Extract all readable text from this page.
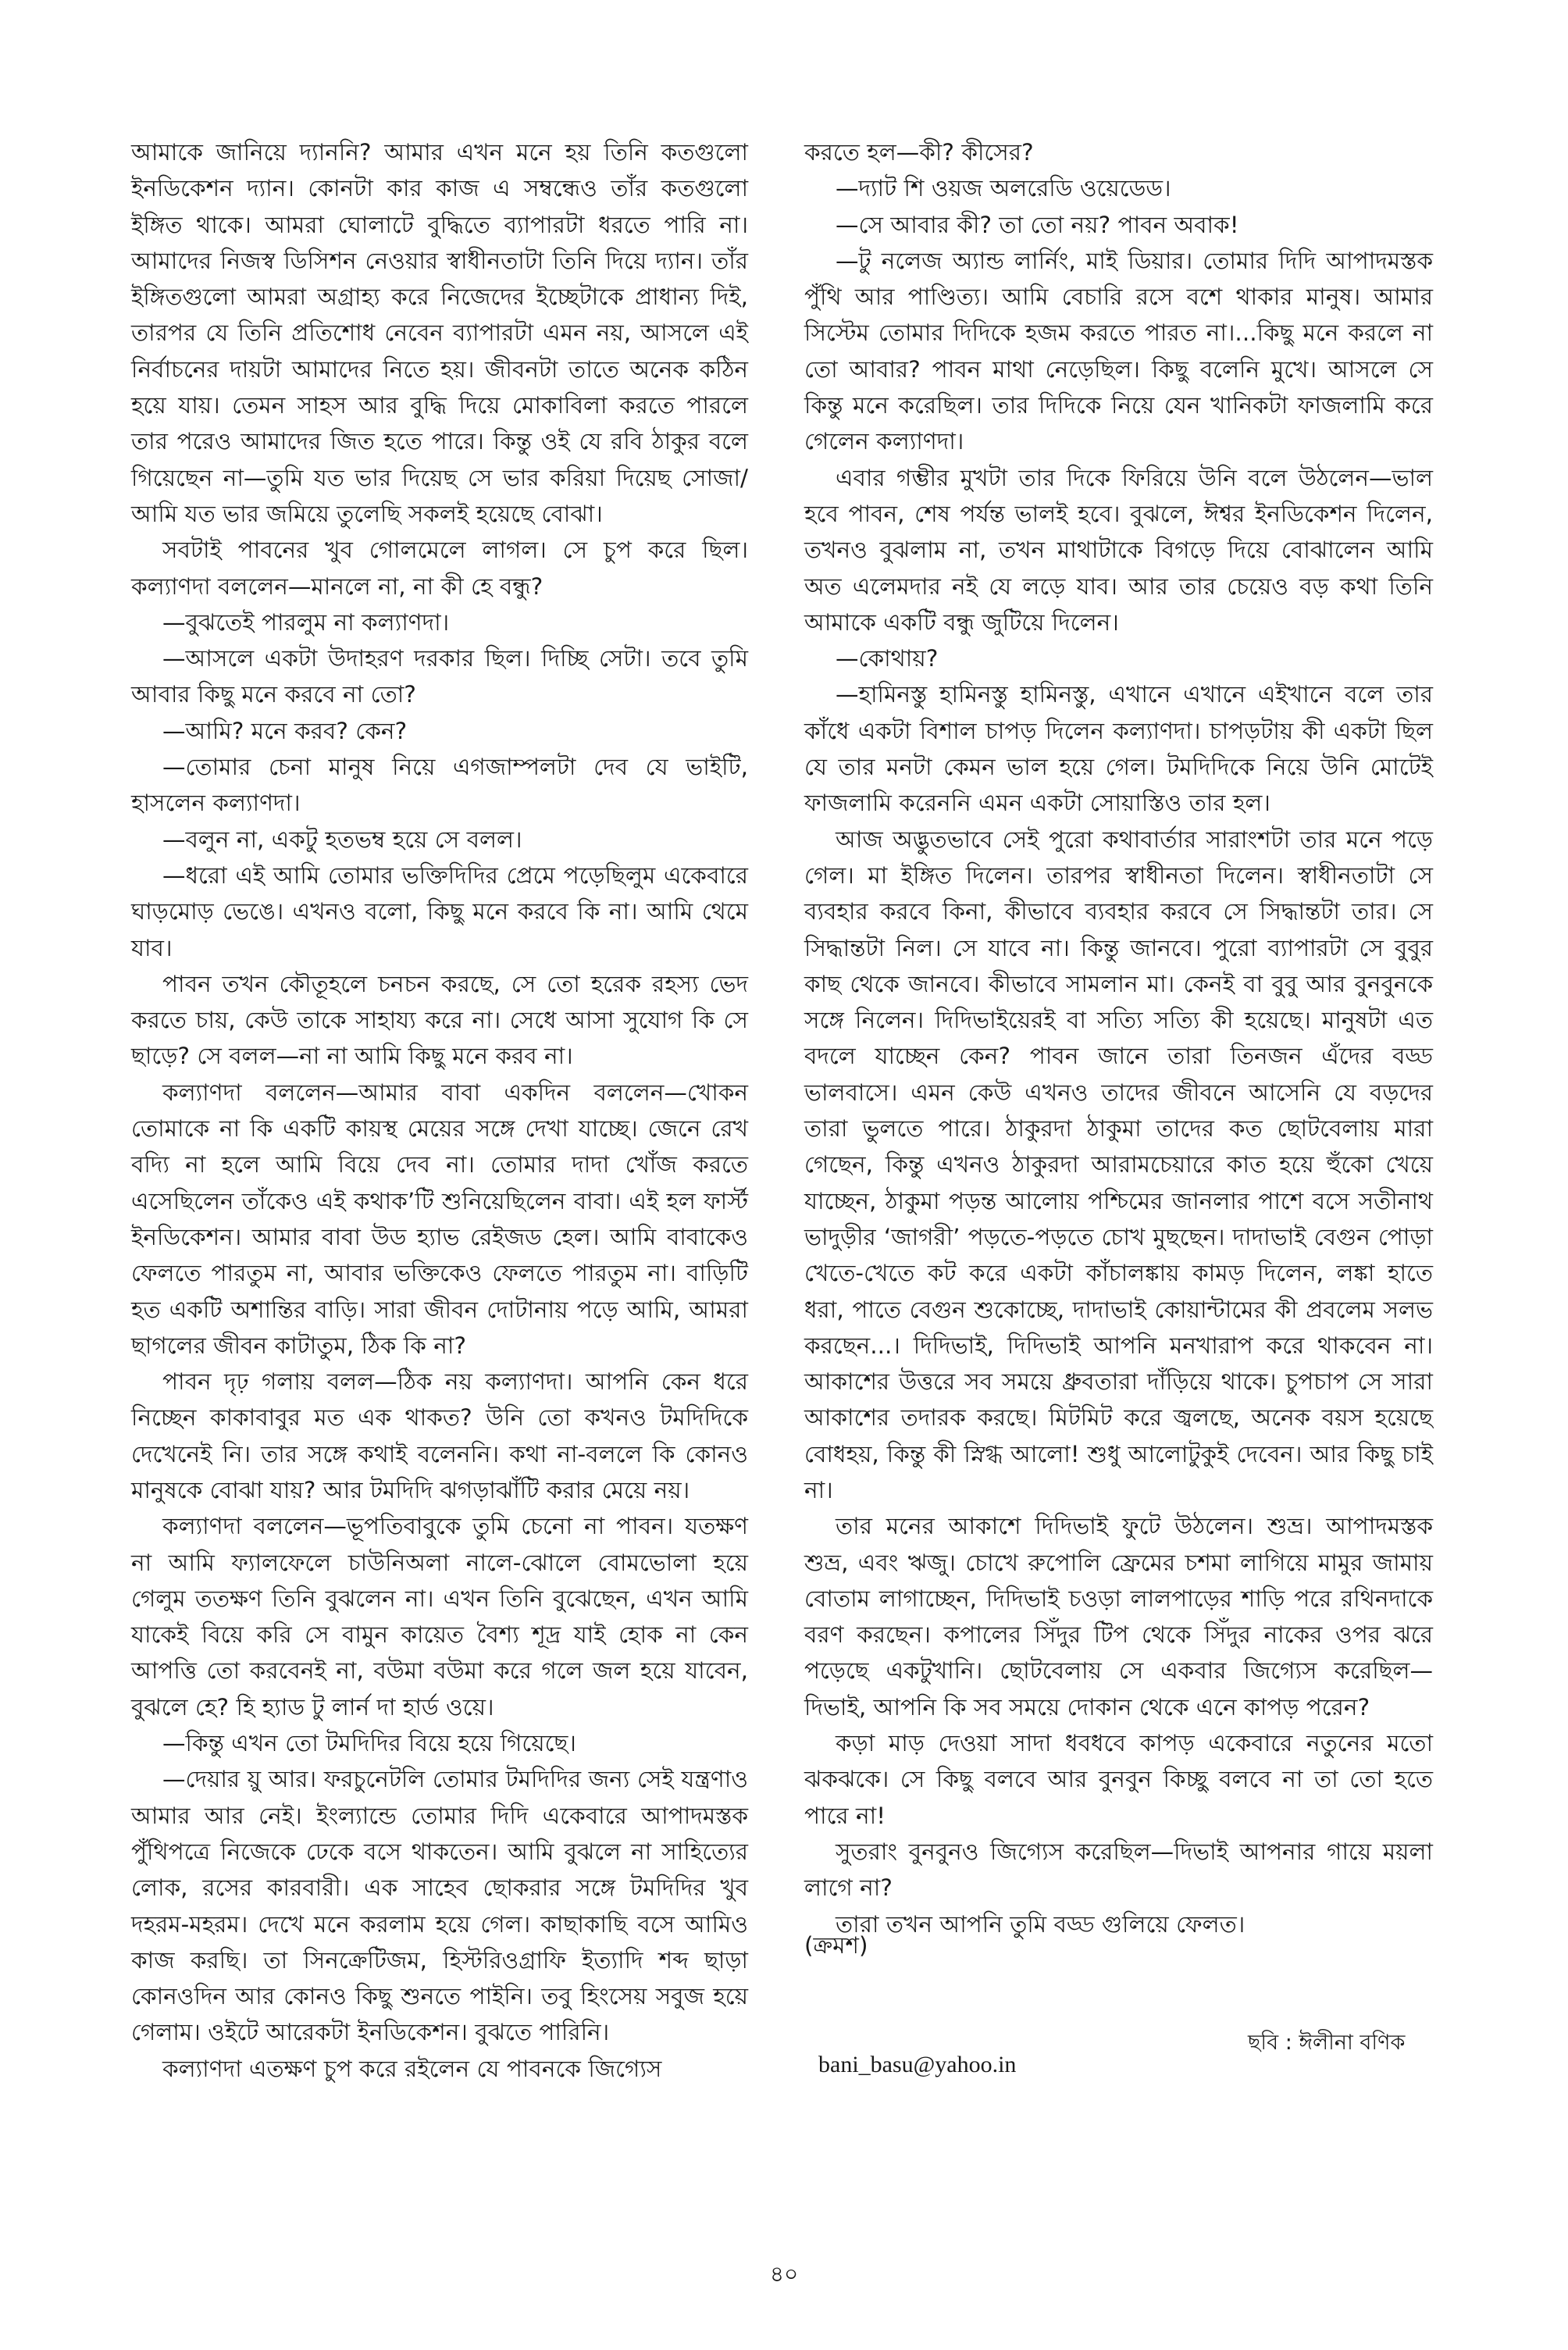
আমাকে জানিয়ে দ্যাননি? আমার এখন মনে হয় তিনি কতগুলো ইনডিকেশন দ্যান। কোনটা কার কাজ এ সম্বন্ধেও তাঁর কতগুলো ইঙ্গিত থাকে। আমরা ঘোলাটে বুদ্ধিতে ব্যাপারটা ধরতে পারি না। আমাদের নিজস্ব ডিসিশন নেওয়ার স্বাধীনতাটা তিনি দিয়ে দ্যান। তাঁর ইঙ্গিতগুলো আমরা অগ্রাহ্য করে নিজেদের ইচ্ছেটাকে প্রাধান্য দিই, তারপর যে তিনি প্রতিশোধ নেবেন ব্যাপারটা এমন নয়, আসলে এই নির্বাচনের দায়টা আমাদের নিতে হয়। জীবনটা তাতে অনেক কঠিন হয়ে যায়। তেমন সাহস আর বুদ্ধি দিয়ে মোকাবিলা করতে পারলে তার পরেও আমাদের জিত হতে পারে। কিন্তু ওই যে রবি ঠাকুর বলে গিয়েছেন না—তুমি যত ভার দিয়েছ সে ভার করিয়া দিয়েছ সোজা/আমি যত ভার জমিয়ে তুলেছি সকলই হয়েছে বোঝা।

সবটাই পাবনের খুব গোলমেলে লাগল। সে চুপ করে ছিল। কল্যাণদা বললেন—মানলে না, না কী হে বন্ধু?

—বুঝতেই পারলুম না কল্যাণদা।

—আসলে একটা উদাহরণ দরকার ছিল। দিচ্ছি সেটা। তবে তুমি আবার কিছু মনে করবে না তো?

—আমি? মনে করব? কেন?

—তোমার চেনা মানুষ নিয়ে এগজাম্পলটা দেব যে ভাইটি, হাসলেন কল্যাণদা।

—বলুন না, একটু হতভম্ব হয়ে সে বলল।

—ধরো এই আমি তোমার ভক্তিদিদির প্রেমে পড়েছিলুম একেবারে ঘাড়মোড় ভেঙে। এখনও বলো, কিছু মনে করবে কি না। আমি থেমে যাব।

পাবন তখন কৌতূহলে চনচন করছে, সে তো হরেক রহস্য ভেদ করতে চায়, কেউ তাকে সাহায্য করে না। সেধে আসা সুযোগ কি সে ছাড়ে? সে বলল—না না আমি কিছু মনে করব না।

কল্যাণদা বললেন—আমার বাবা একদিন বললেন—খোকন তোমাকে না কি একটি কায়স্থ মেয়ের সঙ্গে দেখা যাচ্ছে। জেনে রেখ বদ্যি না হলে আমি বিয়ে দেব না। তোমার দাদা খোঁজ করতে এসেছিলেন তাঁকেও এই কথাক’টি শুনিয়েছিলেন বাবা। এই হল ফার্স্ট ইনডিকেশন। আমার বাবা উড হ্যাভ রেইজড হেল। আমি বাবাকেও ফেলতে পারতুম না, আবার ভক্তিকেও ফেলতে পারতুম না। বাড়িটি হত একটি অশান্তির বাড়ি। সারা জীবন দোটানায় পড়ে আমি, আমরা ছাগলের জীবন কাটাতুম, ঠিক কি না?

পাবন দৃঢ় গলায় বলল—ঠিক নয় কল্যাণদা। আপনি কেন ধরে নিচ্ছেন কাকাবাবুর মত এক থাকত? উনি তো কখনও টমদিদিকে দেখেনেই নি। তার সঙ্গে কথাই বলেননি। কথা না-বললে কি কোনও মানুষকে বোঝা যায়? আর টমদিদি ঝগড়াঝাঁটি করার মেয়ে নয়।

কল্যাণদা বললেন—ভূপতিবাবুকে তুমি চেনো না পাবন। যতক্ষণ না আমি ফ্যালফেলে চাউনিঅলা নালে-ঝোলে বোমভোলা হয়ে গেলুম ততক্ষণ তিনি বুঝলেন না। এখন তিনি বুঝেছেন, এখন আমি যাকেই বিয়ে করি সে বামুন কায়েত বৈশ্য শূদ্র যাই হোক না কেন আপত্তি তো করবেনই না, বউমা বউমা করে গলে জল হয়ে যাবেন, বুঝলে হে? হি হ্যাড টু লার্ন দা হার্ড ওয়ে।

—কিন্তু এখন তো টমদিদির বিয়ে হয়ে গিয়েছে।

—দেয়ার য়ু আর। ফরচুনেটলি তোমার টমদিদির জন্য সেই যন্ত্রণাও আমার আর নেই। ইংল্যান্ডে তোমার দিদি একেবারে আপাদমস্তক পুঁথিপত্রে নিজেকে ঢেকে বসে থাকতেন। আমি বুঝলে না সাহিত্যের লোক, রসের কারবারী। এক সাহেব ছোকরার সঙ্গে টমদিদির খুব দহরম-মহরম। দেখে মনে করলাম হয়ে গেল। কাছাকাছি বসে আমিও কাজ করছি। তা সিনক্রেটিজম, হিস্টরিওগ্রাফি ইত্যাদি শব্দ ছাড়া কোনওদিন আর কোনও কিছু শুনতে পাইনি। তবু হিংসেয় সবুজ হয়ে গেলাম। ওইটে আরেকটা ইনডিকেশন। বুঝতে পারিনি।

কল্যাণদা এতক্ষণ চুপ করে রইলেন যে পাবনকে জিগ্যেস

করতে হল—কী? কীসের?

—দ্যাট শি ওয়জ অলরেডি ওয়েডেড।

—সে আবার কী? তা তো নয়? পাবন অবাক!

—টু নলেজ অ্যান্ড লার্নিং, মাই ডিয়ার। তোমার দিদি আপাদমস্তক পুঁথি আর পাণ্ডিত্য। আমি বেচারি রসে বশে থাকার মানুষ। আমার সিস্টেম তোমার দিদিকে হজম করতে পারত না।...কিছু মনে করলে না তো আবার? পাবন মাথা নেড়েছিল। কিছু বলেনি মুখে। আসলে সে কিন্তু মনে করেছিল। তার দিদিকে নিয়ে যেন খানিকটা ফাজলামি করে গেলেন কল্যাণদা।

এবার গম্ভীর মুখটা তার দিকে ফিরিয়ে উনি বলে উঠলেন—ভাল হবে পাবন, শেষ পর্যন্ত ভালই হবে। বুঝলে, ঈশ্বর ইনডিকেশন দিলেন, তখনও বুঝলাম না, তখন মাথাটাকে বিগড়ে দিয়ে বোঝালেন আমি অত এলেমদার নই যে লড়ে যাব। আর তার চেয়েও বড় কথা তিনি আমাকে একটি বন্ধু জুটিয়ে দিলেন।

—কোথায়?

—হামিনস্তু হামিনস্তু হামিনস্তু, এখানে এখানে এইখানে বলে তার কাঁধে একটা বিশাল চাপড় দিলেন কল্যাণদা। চাপড়টায় কী একটা ছিল যে তার মনটা কেমন ভাল হয়ে গেল। টমদিদিকে নিয়ে উনি মোটেই ফাজলামি করেননি এমন একটা সোয়াস্তিও তার হল।

আজ অদ্ভুতভাবে সেই পুরো কথাবার্তার সারাংশটা তার মনে পড়ে গেল। মা ইঙ্গিত দিলেন। তারপর স্বাধীনতা দিলেন। স্বাধীনতাটা সে ব্যবহার করবে কিনা, কীভাবে ব্যবহার করবে সে সিদ্ধান্তটা তার। সে সিদ্ধান্তটা নিল। সে যাবে না। কিন্তু জানবে। পুরো ব্যাপারটা সে বুবুর কাছ থেকে জানবে। কীভাবে সামলান মা। কেনই বা বুবু আর বুনবুনকে সঙ্গে নিলেন। দিদিভাইয়েরই বা সত্যি সত্যি কী হয়েছে। মানুষটা এত বদলে যাচ্ছেন কেন? পাবন জানে তারা তিনজন এঁদের বড্ড ভালবাসে। এমন কেউ এখনও তাদের জীবনে আসেনি যে বড়দের তারা ভুলতে পারে। ঠাকুরদা ঠাকুমা তাদের কত ছোটবেলায় মারা গেছেন, কিন্তু এখনও ঠাকুরদা আরামচেয়ারে কাত হয়ে হুঁকো খেয়ে যাচ্ছেন, ঠাকুমা পড়ন্ত আলোয় পশ্চিমের জানলার পাশে বসে সতীনাথ ভাদুড়ীর ‘জাগরী’ পড়তে-পড়তে চোখ মুছছেন। দাদাভাই বেগুন পোড়া খেতে-খেতে কট করে একটা কাঁচালঙ্কায় কামড় দিলেন, লঙ্কা হাতে ধরা, পাতে বেগুন শুকোচ্ছে, দাদাভাই কোয়ান্টামের কী প্রবলেম সলভ করছেন...। দিদিভাই, দিদিভাই আপনি মনখারাপ করে থাকবেন না। আকাশের উত্তরে সব সময়ে ধ্রুবতারা দাঁড়িয়ে থাকে। চুপচাপ সে সারা আকাশের তদারক করছে। মিটমিট করে জ্বলছে, অনেক বয়স হয়েছে বোধহয়, কিন্তু কী স্নিগ্ধ আলো! শুধু আলোটুকুই দেবেন। আর কিছু চাই না।

তার মনের আকাশে দিদিভাই ফুটে উঠলেন। শুভ্র। আপাদমস্তক শুভ্র, এবং ঋজু। চোখে রুপোলি ফ্রেমের চশমা লাগিয়ে মামুর জামায় বোতাম লাগাচ্ছেন, দিদিভাই চওড়া লালপাড়ের শাড়ি পরে রথিনদাকে বরণ করছেন। কপালের সিঁদুর টিপ থেকে সিঁদুর নাকের ওপর ঝরে পড়েছে একটুখানি। ছোটবেলায় সে একবার জিগ্যেস করেছিল—দিভাই, আপনি কি সব সময়ে দোকান থেকে এনে কাপড় পরেন?

কড়া মাড় দেওয়া সাদা ধবধবে কাপড় একেবারে নতুনের মতো ঝকঝকে। সে কিছু বলবে আর বুনবুন কিচ্ছু বলবে না তা তো হতে পারে না!

সুতরাং বুনবুনও জিগ্যেস করেছিল—দিভাই আপনার গায়ে ময়লা লাগে না?

তারা তখন আপনি তুমি বড্ড গুলিয়ে ফেলত।

(ক্রমশ)
ছবি : ঈলীনা বণিক
bani_basu@yahoo.in
৪০
